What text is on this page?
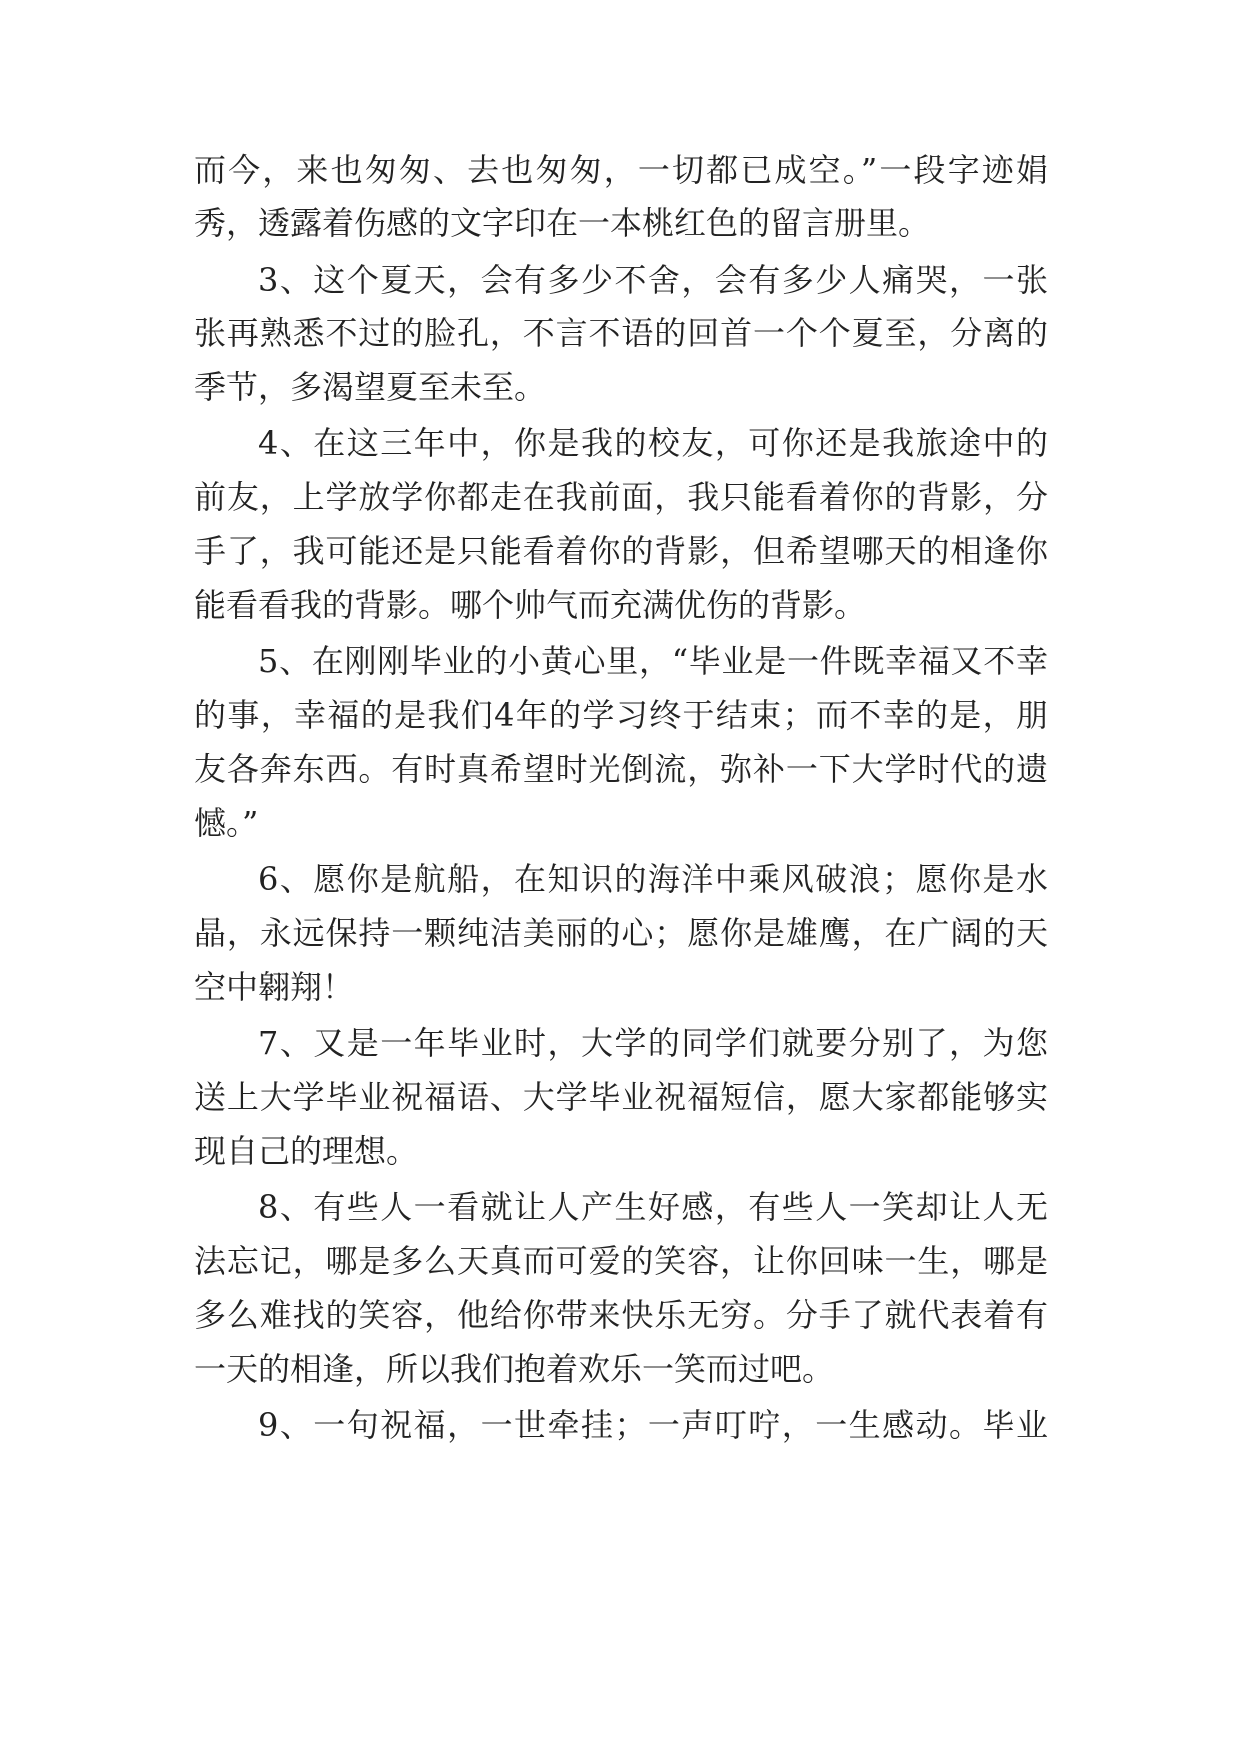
而今，来也匆匆、去也匆匆，一切都已成空。”一段字迹娟
秀，透露着伤感的文字印在一本桃红色的留言册里。
3、这个夏天，会有多少不舍，会有多少人痛哭，一张
张再熟悉不过的脸孔，不言不语的回首一个个夏至，分离的
季节，多渴望夏至未至。
4、在这三年中，你是我的校友，可你还是我旅途中的
前友，上学放学你都走在我前面，我只能看着你的背影，分
手了，我可能还是只能看着你的背影，但希望哪天的相逢你
能看看我的背影。哪个帅气而充满优伤的背影。
5、在刚刚毕业的小黄心里，“毕业是一件既幸福又不幸
的事，幸福的是我们4年的学习终于结束；而不幸的是，朋
友各奔东西。有时真希望时光倒流，弥补一下大学时代的遗
憾。”
6、愿你是航船，在知识的海洋中乘风破浪；愿你是水
晶，永远保持一颗纯洁美丽的心；愿你是雄鹰，在广阔的天
空中翱翔！
7、又是一年毕业时，大学的同学们就要分别了，为您
送上大学毕业祝福语、大学毕业祝福短信，愿大家都能够实
现自己的理想。
8、有些人一看就让人产生好感，有些人一笑却让人无
法忘记，哪是多么天真而可爱的笑容，让你回味一生，哪是
多么难找的笑容，他给你带来快乐无穷。分手了就代表着有
一天的相逢，所以我们抱着欢乐一笑而过吧。
9、一句祝福，一世牵挂；一声叮咛，一生感动。毕业
